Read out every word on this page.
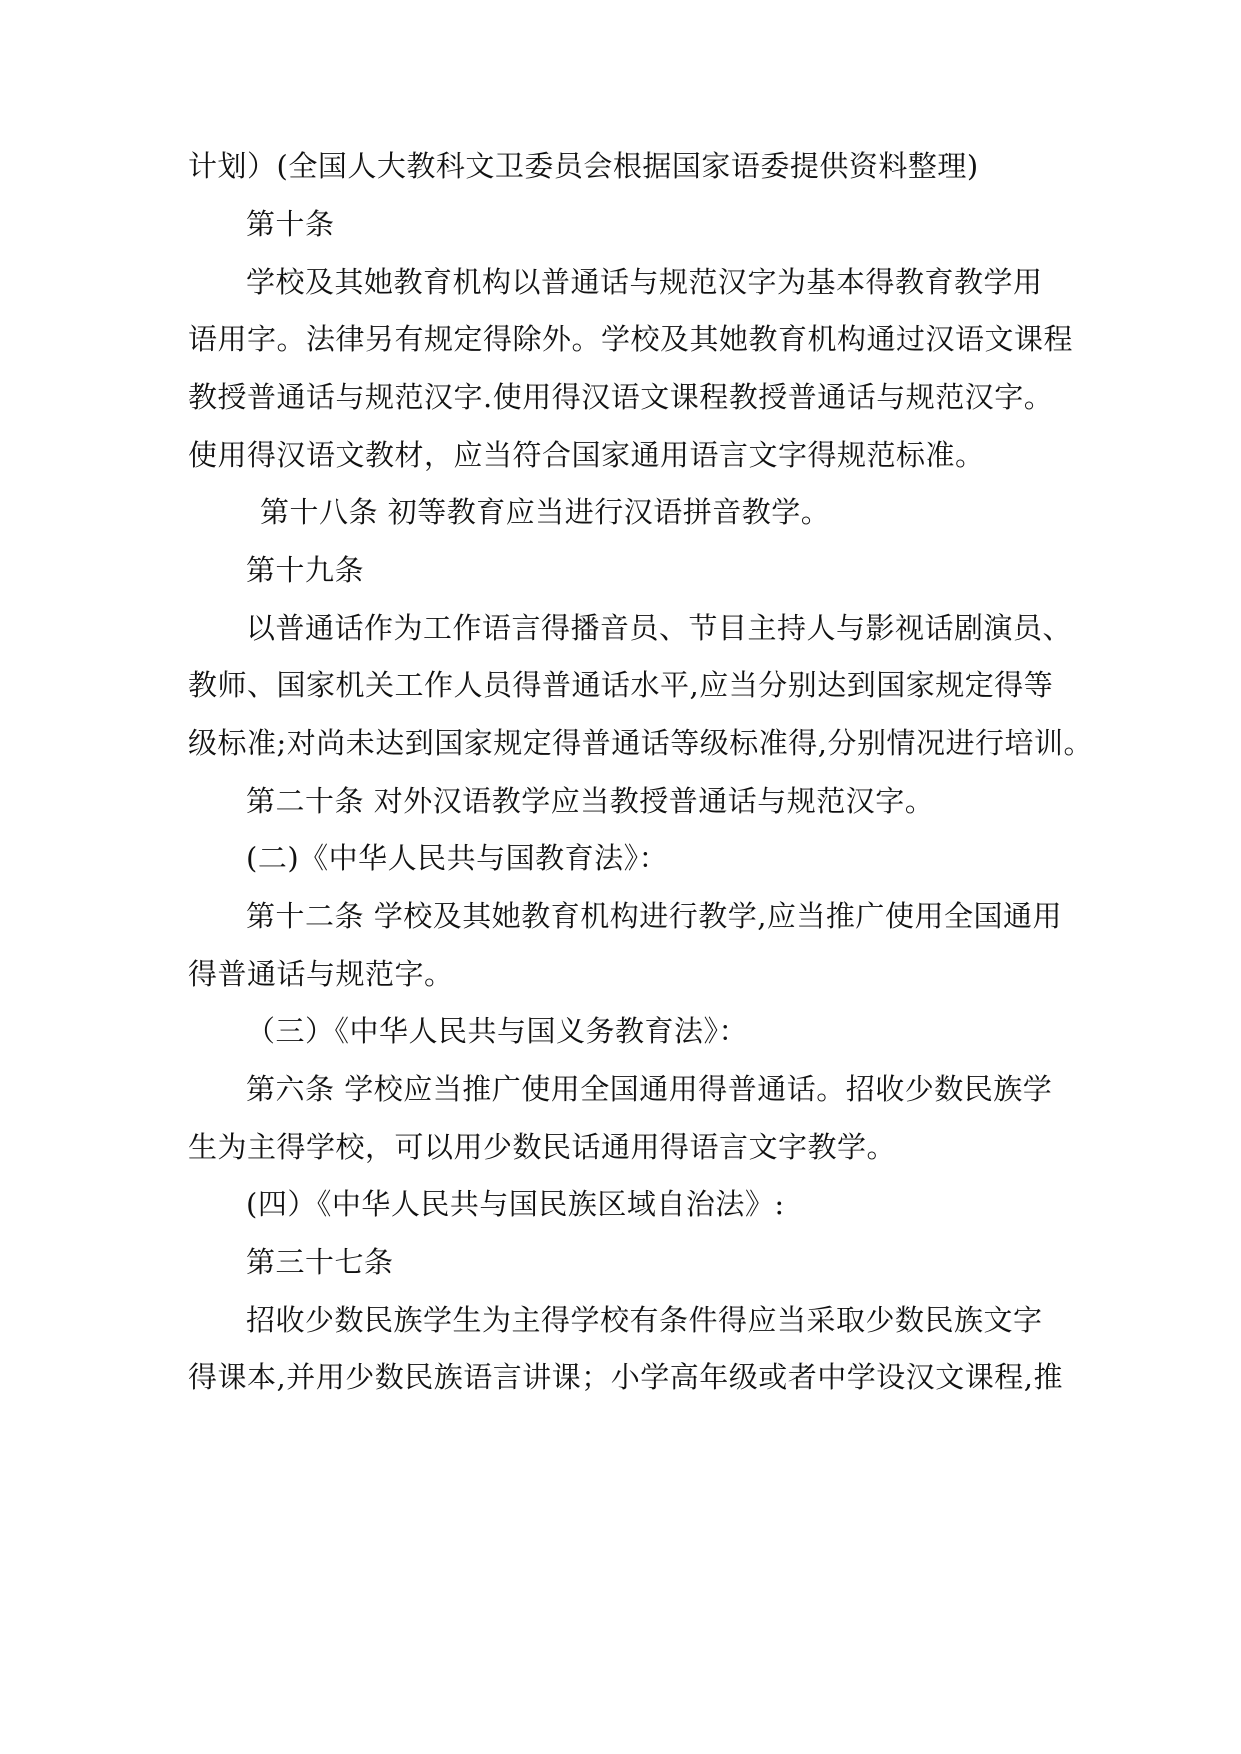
计划）(全国人大教科文卫委员会根据国家语委提供资料整理)
第十条
学校及其她教育机构以普通话与规范汉字为基本得教育教学用
语用字。法律另有规定得除外。学校及其她教育机构通过汉语文课程
教授普通话与规范汉字.使用得汉语文课程教授普通话与规范汉字。
使用得汉语文教材，应当符合国家通用语言文字得规范标准。
第十八条 初等教育应当进行汉语拼音教学。
第十九条
以普通话作为工作语言得播音员、节目主持人与影视话剧演员、
教师、国家机关工作人员得普通话水平,应当分别达到国家规定得等
级标准;对尚未达到国家规定得普通话等级标准得,分别情况进行培训。
第二十条 对外汉语教学应当教授普通话与规范汉字。
(二)《中华人民共与国教育法》：
第十二条 学校及其她教育机构进行教学,应当推广使用全国通用
得普通话与规范字。
（三）《中华人民共与国义务教育法》：
第六条 学校应当推广使用全国通用得普通话。招收少数民族学
生为主得学校，可以用少数民话通用得语言文字教学。
(四）《中华人民共与国民族区域自治法》:
第三十七条
招收少数民族学生为主得学校有条件得应当采取少数民族文字
得课本,并用少数民族语言讲课；小学高年级或者中学设汉文课程,推
